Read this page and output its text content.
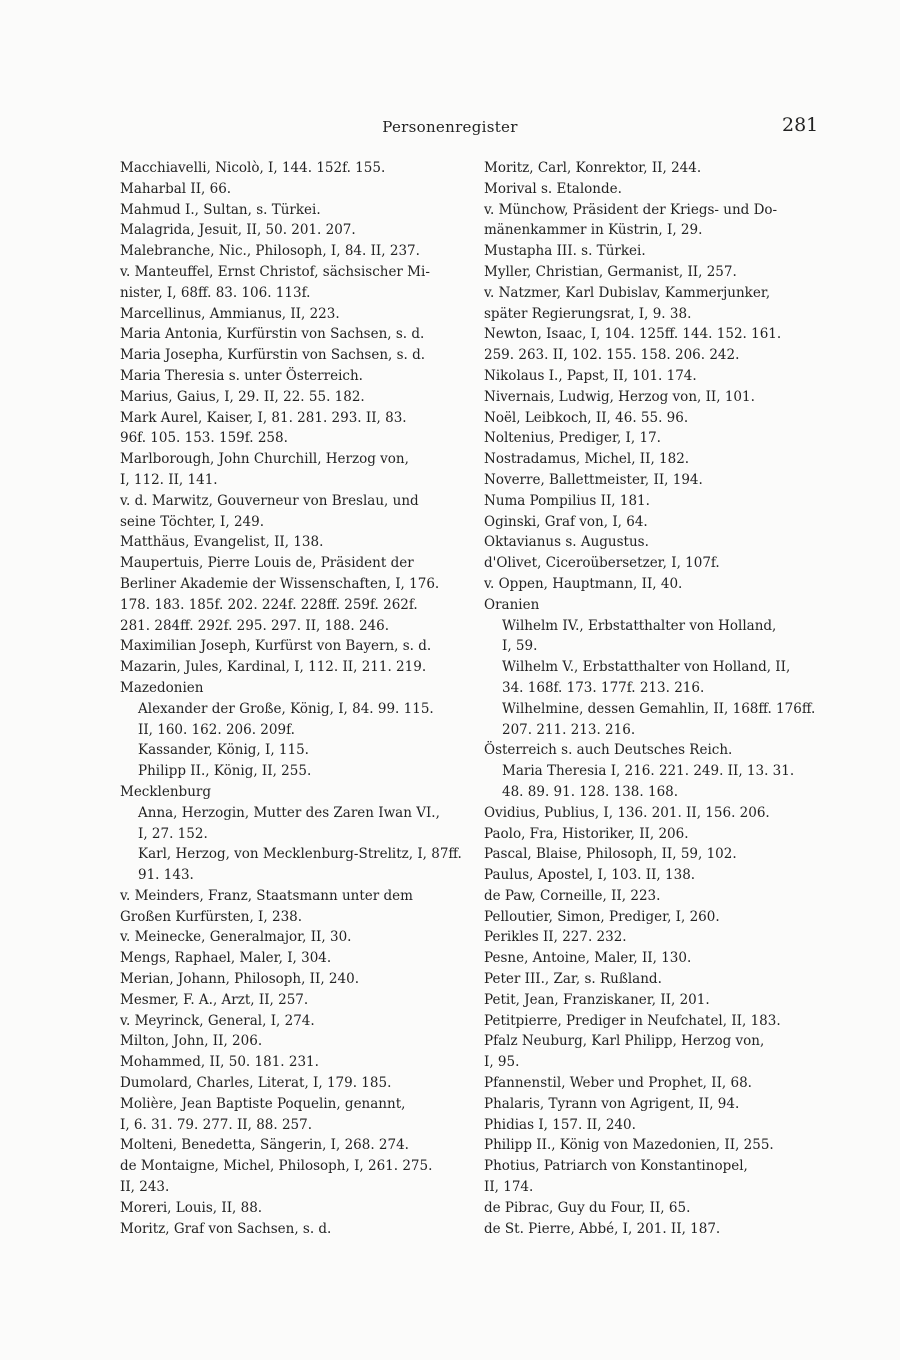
Personenregister	281
Macchiavelli, Nicolò, I, 144. 152f. 155.
Maharbal II, 66.
Mahmud I., Sultan, s. Türkei.
Malagrida, Jesuit, II, 50. 201. 207.
Malebranche, Nic., Philosoph, I, 84. II, 237.
v. Manteuffel, Ernst Christof, sächsischer Mi-
nister, I, 68ff. 83. 106. 113f.
Marcellinus, Ammianus, II, 223.
Maria Antonia, Kurfürstin von Sachsen, s. d.
Maria Josepha, Kurfürstin von Sachsen, s. d.
Maria Theresia s. unter Österreich.
Marius, Gaius, I, 29. II, 22. 55. 182.
Mark Aurel, Kaiser, I, 81. 281. 293. II, 83.
96f. 105. 153. 159f. 258.
Marlborough, John Churchill, Herzog von,
I, 112. II, 141.
v. d. Marwitz, Gouverneur von Breslau, und
seine Töchter, I, 249.
Matthäus, Evangelist, II, 138.
Maupertuis, Pierre Louis de, Präsident der
Berliner Akademie der Wissenschaften, I, 176.
178. 183. 185f. 202. 224f. 228ff. 259f. 262f.
281. 284ff. 292f. 295. 297. II, 188. 246.
Maximilian Joseph, Kurfürst von Bayern, s. d.
Mazarin, Jules, Kardinal, I, 112. II, 211. 219.
Mazedonien
Alexander der Große, König, I, 84. 99. 115.
II, 160. 162. 206. 209f.
Kassander, König, I, 115.
Philipp II., König, II, 255.
Mecklenburg
Anna, Herzogin, Mutter des Zaren Iwan VI.,
I, 27. 152.
Karl, Herzog, von Mecklenburg-Strelitz, I, 87ff.
91. 143.
v. Meinders, Franz, Staatsmann unter dem
Großen Kurfürsten, I, 238.
v. Meinecke, Generalmajor, II, 30.
Mengs, Raphael, Maler, I, 304.
Merian, Johann, Philosoph, II, 240.
Mesmer, F. A., Arzt, II, 257.
v. Meyrinck, General, I, 274.
Milton, John, II, 206.
Mohammed, II, 50. 181. 231.
Dumolard, Charles, Literat, I, 179. 185.
Molière, Jean Baptiste Poquelin, genannt,
I, 6. 31. 79. 277. II, 88. 257.
Molteni, Benedetta, Sängerin, I, 268. 274.
de Montaigne, Michel, Philosoph, I, 261. 275.
II, 243.
Moreri, Louis, II, 88.
Moritz, Graf von Sachsen, s. d.
Moritz, Carl, Konrektor, II, 244.
Morival s. Etalonde.
v. Münchow, Präsident der Kriegs- und Do-
mänenkammer in Küstrin, I, 29.
Mustapha III. s. Türkei.
Myller, Christian, Germanist, II, 257.
v. Natzmer, Karl Dubislav, Kammerjunker,
später Regierungsrat, I, 9. 38.
Newton, Isaac, I, 104. 125ff. 144. 152. 161.
259. 263. II, 102. 155. 158. 206. 242.
Nikolaus I., Papst, II, 101. 174.
Nivernais, Ludwig, Herzog von, II, 101.
Noël, Leibkoch, II, 46. 55. 96.
Noltenius, Prediger, I, 17.
Nostradamus, Michel, II, 182.
Noverre, Ballettmeister, II, 194.
Numa Pompilius II, 181.
Oginski, Graf von, I, 64.
Oktavianus s. Augustus.
d'Olivet, Ciceroübersetzer, I, 107f.
v. Oppen, Hauptmann, II, 40.
Oranien
Wilhelm IV., Erbstatthalter von Holland,
I, 59.
Wilhelm V., Erbstatthalter von Holland, II,
34. 168f. 173. 177f. 213. 216.
Wilhelmine, dessen Gemahlin, II, 168ff. 176ff.
207. 211. 213. 216.
Österreich s. auch Deutsches Reich.
Maria Theresia I, 216. 221. 249. II, 13. 31.
48. 89. 91. 128. 138. 168.
Ovidius, Publius, I, 136. 201. II, 156. 206.
Paolo, Fra, Historiker, II, 206.
Pascal, Blaise, Philosoph, II, 59, 102.
Paulus, Apostel, I, 103. II, 138.
de Paw, Corneille, II, 223.
Pelloutier, Simon, Prediger, I, 260.
Perikles II, 227. 232.
Pesne, Antoine, Maler, II, 130.
Peter III., Zar, s. Rußland.
Petit, Jean, Franziskaner, II, 201.
Petitpierre, Prediger in Neufchatel, II, 183.
Pfalz Neuburg, Karl Philipp, Herzog von,
I, 95.
Pfannenstil, Weber und Prophet, II, 68.
Phalaris, Tyrann von Agrigent, II, 94.
Phidias I, 157. II, 240.
Philipp II., König von Mazedonien, II, 255.
Photius, Patriarch von Konstantinopel,
II, 174.
de Pibrac, Guy du Four, II, 65.
de St. Pierre, Abbé, I, 201. II, 187.
